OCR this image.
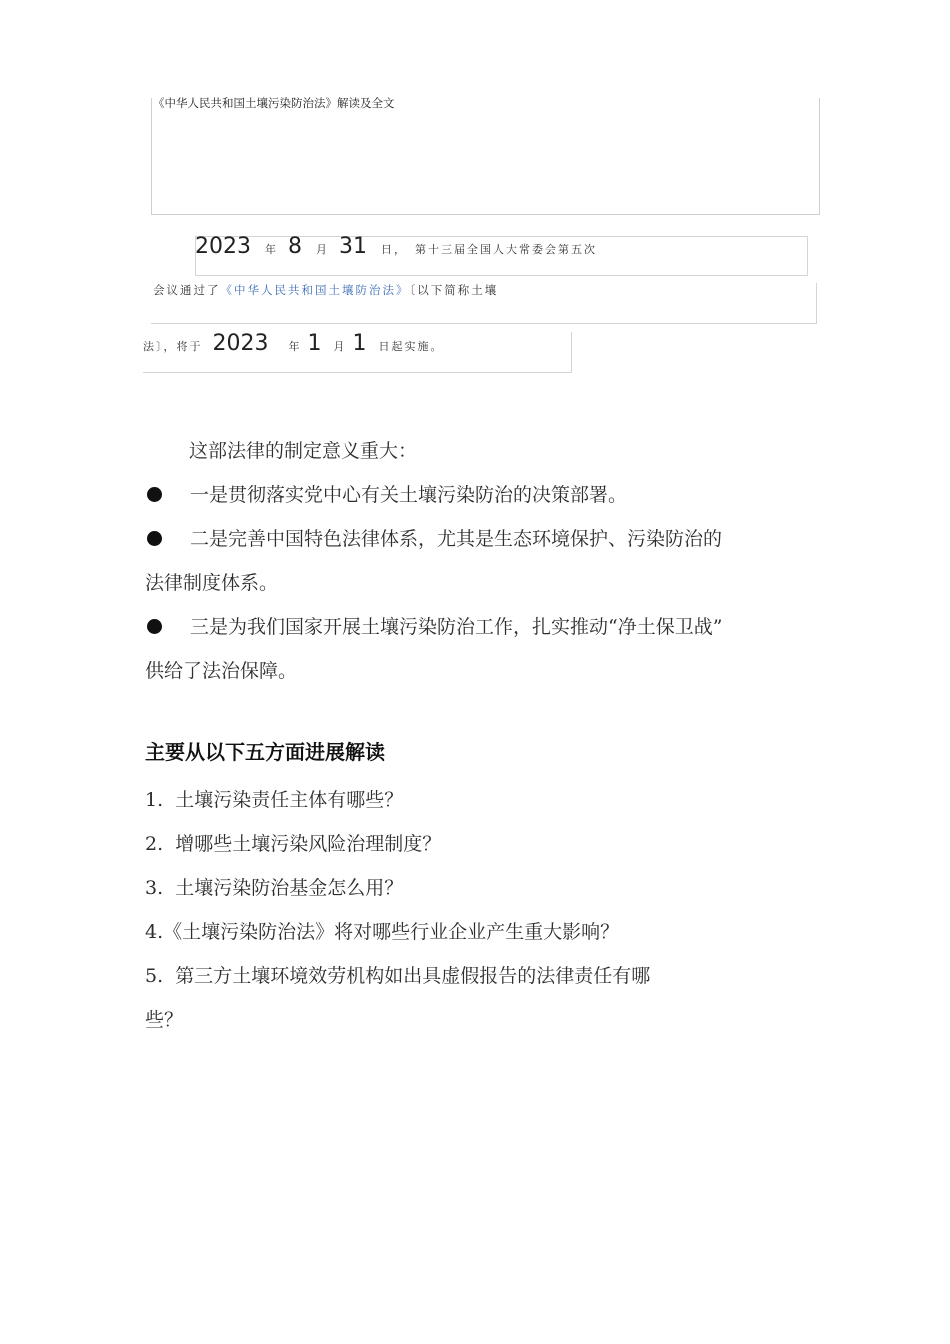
《中华人民共和国土壤污染防治法》解读及全文
2023 年 8 月 31 日， 第十三届全国人大常委会第五次
会议通过了《中华人民共和国土壤防治法》〔以下简称土壤
法〕，将于 2023 年 1 月 1 日起实施。
这部法律的制定意义重大：
一是贯彻落实党中心有关土壤污染防治的决策部署。
二是完善中国特色法律体系，尤其是生态环境保护、污染防治的
法律制度体系。
三是为我们国家开展土壤污染防治工作，扎实推动“净土保卫战”
供给了法治保障。
主要从以下五方面进展解读
1.  土壤污染责任主体有哪些？
2.  增哪些土壤污染风险治理制度？
3.  土壤污染防治基金怎么用？
4.《土壤污染防治法》将对哪些行业企业产生重大影响？
5.  第三方土壤环境效劳机构如出具虚假报告的法律责任有哪
些？
